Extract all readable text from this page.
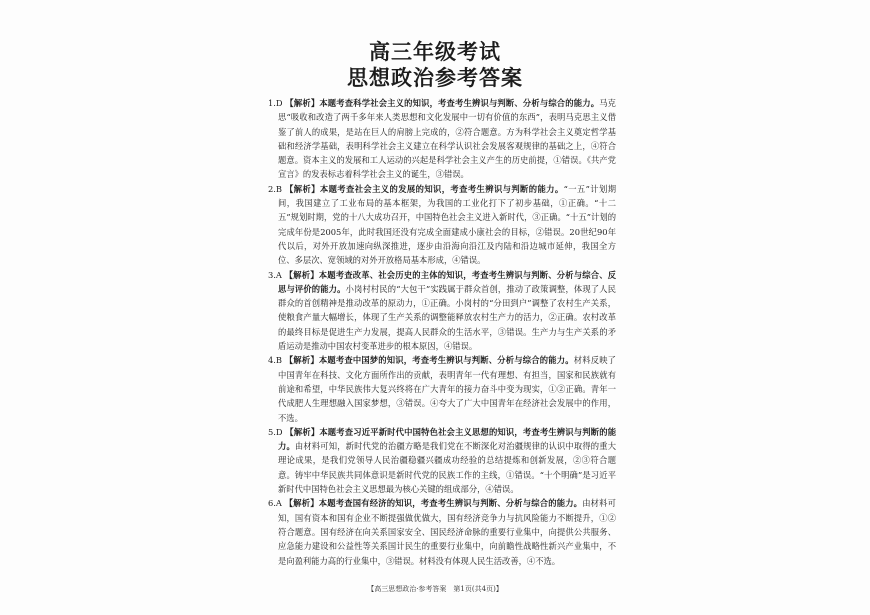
高三年级考试
思想政治参考答案

1.D 【解析】本题考查科学社会主义的知识，考查考生辨识与判断、分析与综合的能力。马克思“吸收和改造了两千多年来人类思想和文化发展中一切有价值的东西”，表明马克思主义借鉴了前人的成果，是站在巨人的肩膀上完成的，②符合题意。方为科学社会主义奠定哲学基础和经济学基础，表明科学社会主义建立在科学认识社会发展客观规律的基础之上，④符合题意。资本主义的发展和工人运动的兴起是科学社会主义产生的历史前提，①错误。《共产党宣言》的发表标志着科学社会主义的诞生，③错误。

2.B 【解析】本题考查社会主义的发展的知识，考查考生辨识与判断的能力。“一五”计划期间，我国建立了工业布局的基本框架，为我国的工业化打下了初步基础，①正确。“十二五”规划时期，党的十八大成功召开，中国特色社会主义进入新时代，③正确。“十五”计划的完成年份是2005年，此时我国还没有完成全面建成小康社会的目标，②错误。20世纪90年代以后，对外开放加速向纵深推进，逐步由沿海向沿江及内陆和沿边城市延伸，我国全方位、多层次、宽领域的对外开放格局基本形成，④错误。

3.A 【解析】本题考查改革、社会历史的主体的知识，考查考生辨识与判断、分析与综合、反思与评价的能力。小岗村村民的“大包干”实践属于群众首创，推动了政策调整，体现了人民群众的首创精神是推动改革的原动力，①正确。小岗村的“分田到户”调整了农村生产关系，使粮食产量大幅增长，体现了生产关系的调整能释放农村生产力的活力，②正确。农村改革的最终目标是促进生产力发展，提高人民群众的生活水平，③错误。生产力与生产关系的矛盾运动是推动中国农村变革进步的根本原因，④错误。

4.B 【解析】本题考查中国梦的知识，考查考生辨识与判断、分析与综合的能力。材料反映了中国青年在科技、文化方面所作出的贡献，表明青年一代有理想、有担当，国家和民族就有前途和希望，中华民族伟大复兴终将在广大青年的接力奋斗中变为现实，①②正确。青年一代成肥人生理想融入国家梦想，③错误。④夸大了广大中国青年在经济社会发展中的作用，不选。

5.D 【解析】本题考查习近平新时代中国特色社会主义思想的知识，考查考生辨识与判断的能力。由材料可知，新时代党的治疆方略是我们党在不断深化对治疆规律的认识中取得的重大理论成果，是我们党领导人民治疆稳疆兴疆成功经验的总结提炼和创新发展，②③符合题意。铸牢中华民族共同体意识是新时代党的民族工作的主线，①错误。“十个明确”是习近平新时代中国特色社会主义思想最为核心关键的组成部分，④错误。

6.A 【解析】本题考查国有经济的知识，考查考生辨识与判断、分析与综合的能力。由材料可知，国有资本和国有企业不断提强做优做大，国有经济竞争力与抗风险能力不断提升，①②符合题意。国有经济在向关系国家安全、国民经济命脉的重要行业集中，向提供公共服务、应急能力建设和公益性等关系国计民生的重要行业集中，向前瞻性战略性新兴产业集中，不是向盈利能力高的行业集中，③错误。材料没有体现人民生活改善，④不选。

【高三思想政治·参考答案　第1页(共4页)】
